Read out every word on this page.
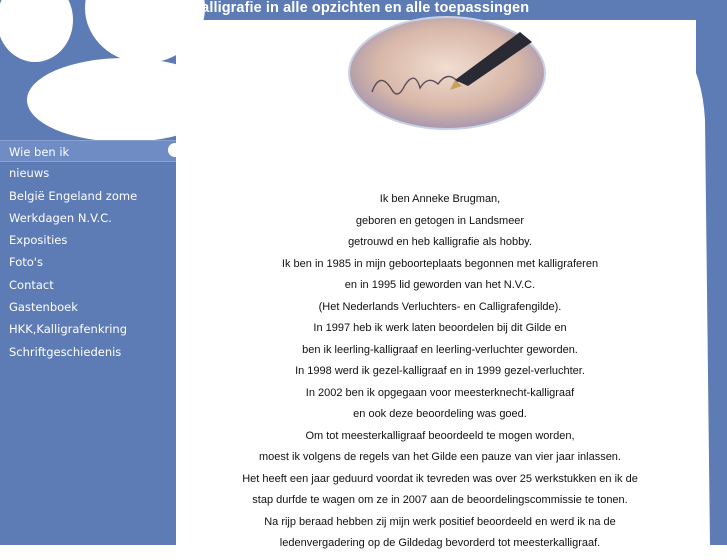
kalligrafie in alle opzichten en alle toepassingen
Wie ben ik
nieuws
België Engeland zome
Werkdagen N.V.C.
Exposities
Foto's
Contact
Gastenboek
HKK,Kalligrafenkring
Schriftgeschiedenis
Ik ben Anneke Brugman,
geboren en getogen in Landsmeer
getrouwd en heb kalligrafie als hobby.
Ik ben in 1985 in mijn geboorteplaats begonnen met kalligraferen
en in 1995 lid geworden van het N.V.C.
(Het Nederlands Verluchters- en Calligrafengilde).
In 1997 heb ik werk laten beoordelen bij dit Gilde en
ben ik leerling-kalligraaf en leerling-verluchter geworden.
In 1998 werd ik gezel-kalligraaf en in 1999 gezel-verluchter.
In 2002 ben ik opgegaan voor meesterknecht-kalligraaf
en ook deze beoordeling was goed.
Om tot meesterkalligraaf beoordeeld te mogen worden,
moest ik volgens de regels van het Gilde een pauze van vier jaar inlassen.
Het heeft een jaar geduurd voordat ik tevreden was over 25 werkstukken en ik de
stap durfde te wagen om ze in 2007 aan de beoordelingscommissie te tonen.
Na rijp beraad hebben zij mijn werk positief beoordeeld en werd ik na de
ledenvergadering op de Gildedag bevorderd tot meesterkalligraaf.
